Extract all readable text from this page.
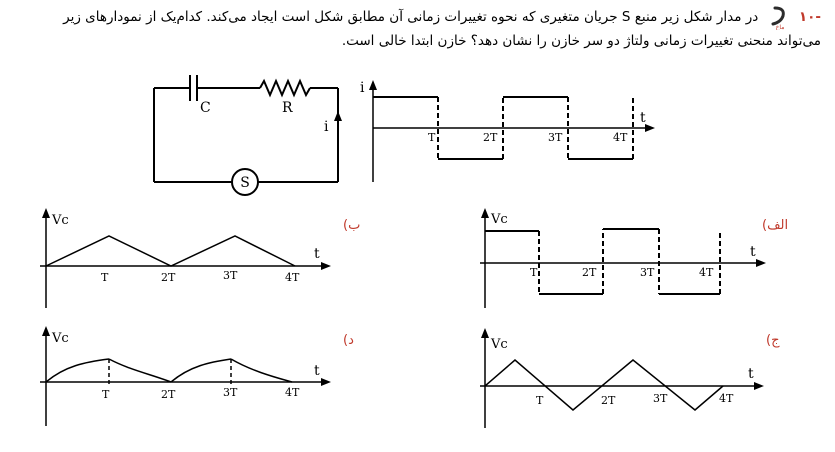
-۱۰
ماخ
در مدار شکل زیر منبع S جریان متغیری که نحوه تغییرات زمانی آن مطابق شکل است ایجاد می‌کند. کدام‌یک از نمودارهای زیر
می‌تواند منحنی تغییرات زمانی ولتاژ دو سر خازن را نشان دهد؟ خازن ابتدا خالی است.
C	R
i
S
i
t
T	2T	3T	4T
الف)
Vc
t
T	2T	3T	4T
ب)
Vc
t
T	2T	3T	4T
ج)
Vc
t
T	2T	3T	4T
د)
Vc
t
T	2T	3T	4T
